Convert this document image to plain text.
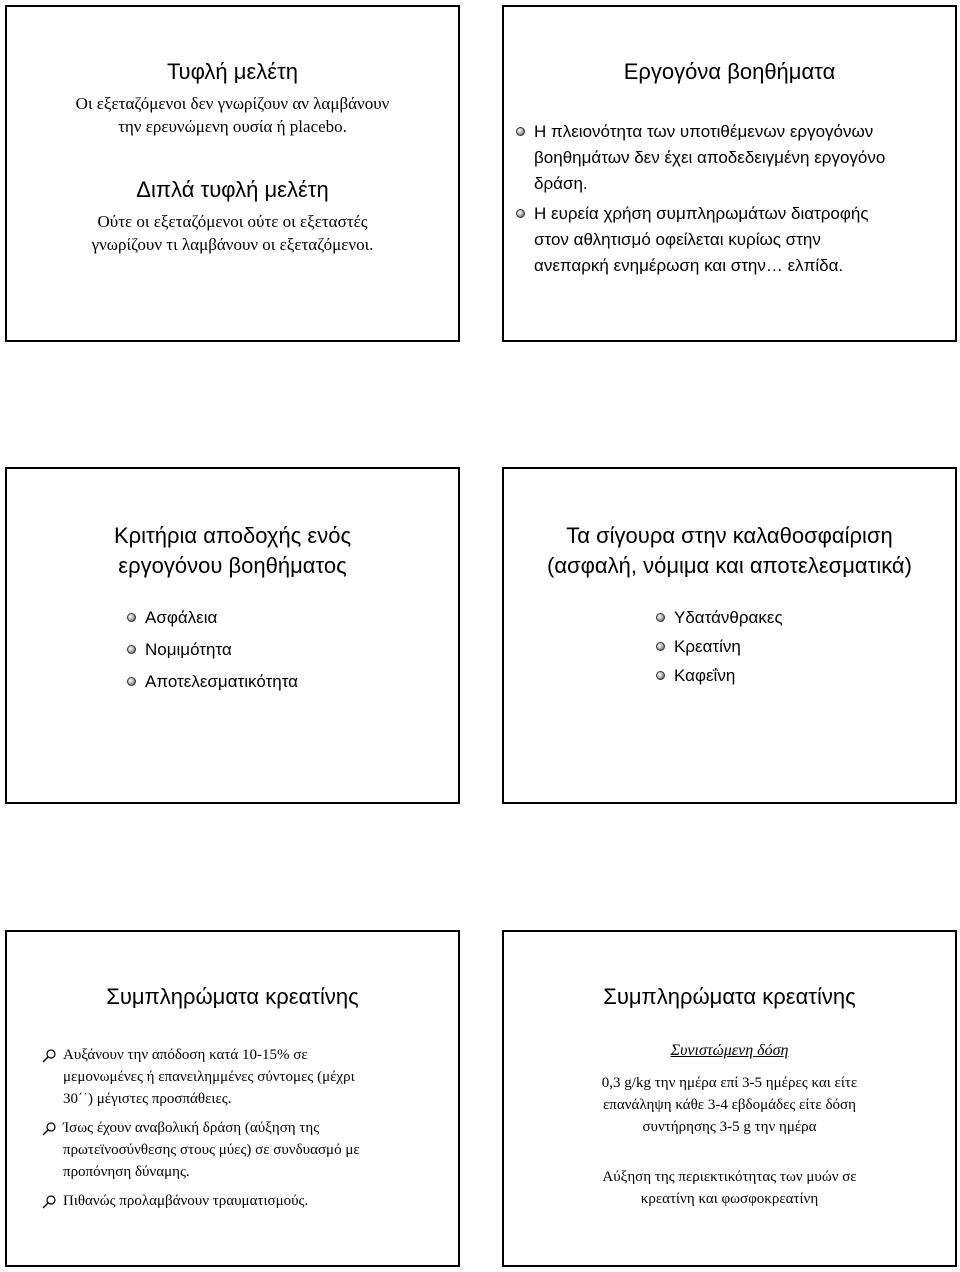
Τυφλή μελέτη
Οι εξεταζόμενοι δεν γνωρίζουν αν λαμβάνουν
την ερευνώμενη ουσία ή placebo.
Διπλά τυφλή μελέτη
Ούτε οι εξεταζόμενοι ούτε οι εξεταστές
γνωρίζουν τι λαμβάνουν οι εξεταζόμενοι.
Εργογόνα βοηθήματα
Η πλειονότητα των υποτιθέμενων εργογόνων
βοηθημάτων δεν έχει αποδεδειγμένη εργογόνο
δράση.
Η ευρεία χρήση συμπληρωμάτων διατροφής
στον αθλητισμό οφείλεται κυρίως στην
ανεπαρκή ενημέρωση και στην… ελπίδα.
Κριτήρια αποδοχής ενός
εργογόνου βοηθήματος
Ασφάλεια
Νομιμότητα
Αποτελεσματικότητα
Τα σίγουρα στην καλαθοσφαίριση
(ασφαλή, νόμιμα και αποτελεσματικά)
Υδατάνθρακες
Κρεατίνη
Καφεΐνη
Συμπληρώματα κρεατίνης
Αυξάνουν την απόδοση κατά 10-15% σε
μεμονωμένες ή επανειλημμένες σύντομες (μέχρι
30΄΄) μέγιστες προσπάθειες.
Ίσως έχουν αναβολική δράση (αύξηση της
πρωτεϊνοσύνθεσης στους μύες) σε συνδυασμό με
προπόνηση δύναμης.
Πιθανώς προλαμβάνουν τραυματισμούς.
Συμπληρώματα κρεατίνης
Συνιστώμενη δόση
0,3 g/kg την ημέρα επί 3-5 ημέρες και είτε
επανάληψη κάθε 3-4 εβδομάδες είτε δόση
συντήρησης 3-5 g την ημέρα
Αύξηση της περιεκτικότητας των μυών σε
κρεατίνη και φωσφοκρεατίνη
